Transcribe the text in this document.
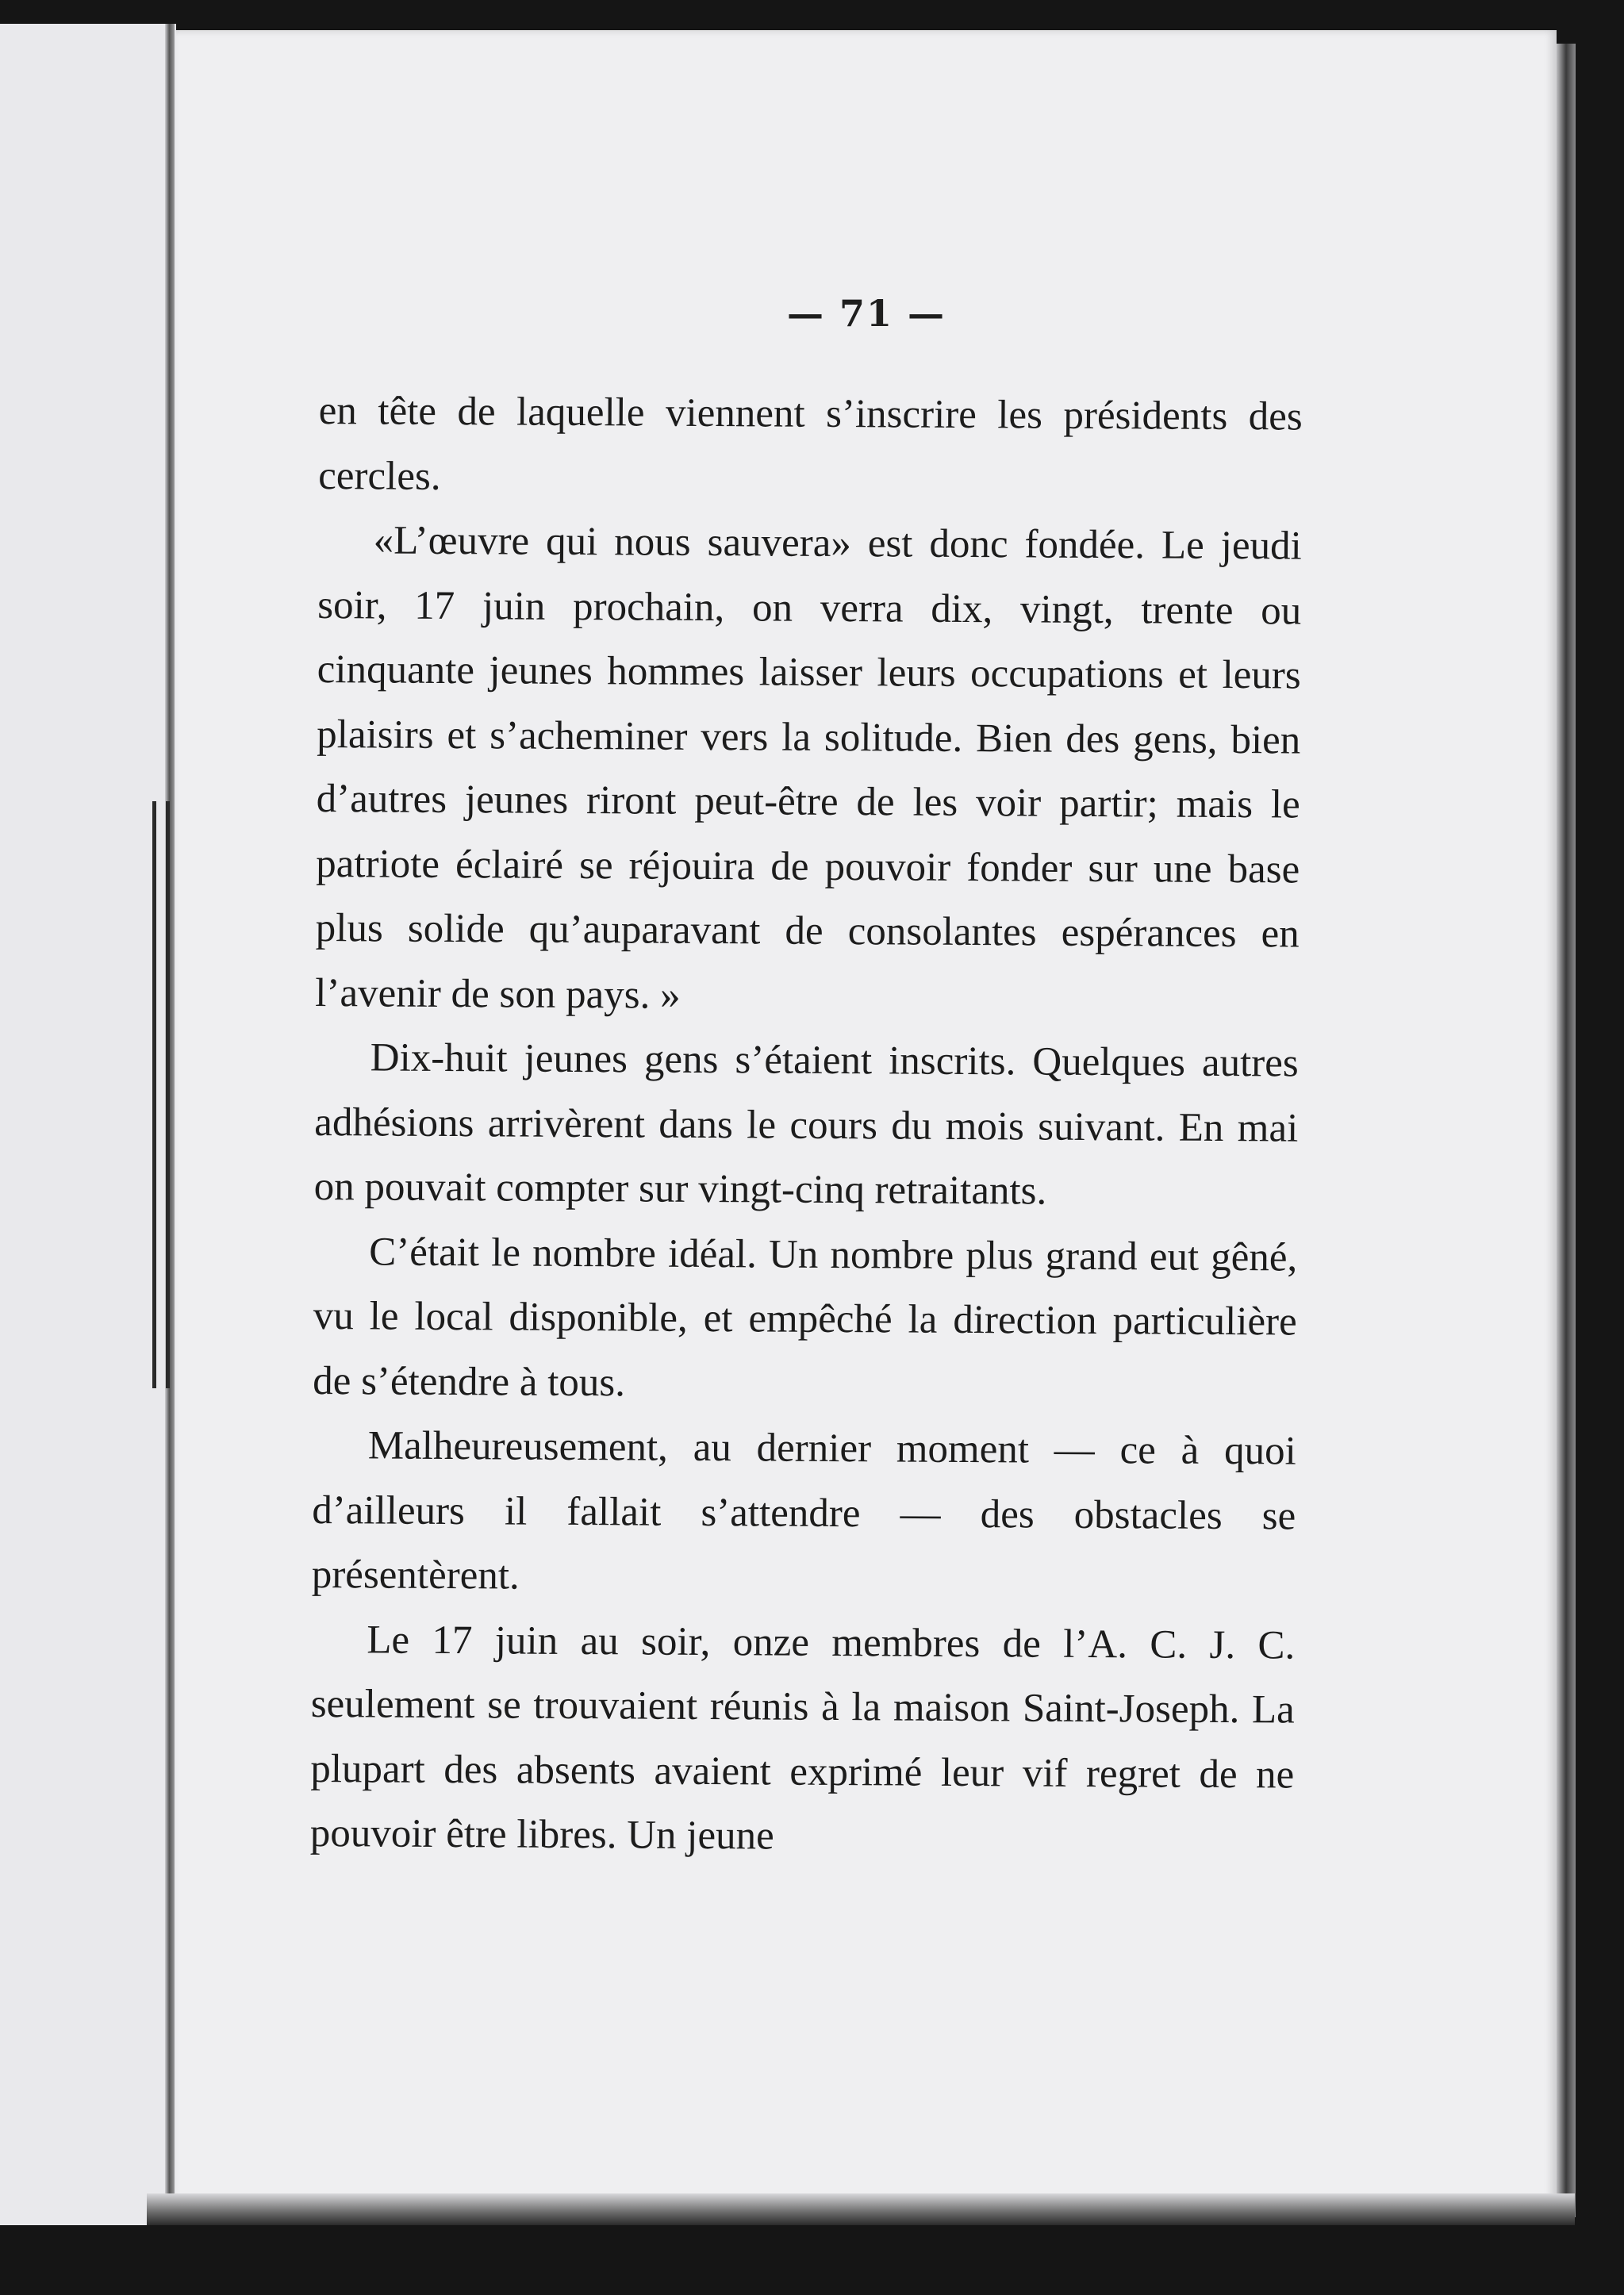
— 71 —

en tête de laquelle viennent s’inscrire les présidents des cercles.

«L’œuvre qui nous sauvera» est donc fondée. Le jeudi soir, 17 juin prochain, on verra dix, vingt, trente ou cinquante jeunes hommes laisser leurs occupations et leurs plaisirs et s’acheminer vers la solitude. Bien des gens, bien d’autres jeunes riront peut-être de les voir partir; mais le patriote éclairé se réjouira de pouvoir fonder sur une base plus solide qu’auparavant de consolantes espérances en l’avenir de son pays. »

Dix-huit jeunes gens s’étaient inscrits. Quelques autres adhésions arrivèrent dans le cours du mois suivant. En mai on pouvait compter sur vingt-cinq retraitants.

C’était le nombre idéal. Un nombre plus grand eut gêné, vu le local disponible, et empêché la direction particulière de s’étendre à tous.

Malheureusement, au dernier moment — ce à quoi d’ailleurs il fallait s’attendre — des obstacles se présentèrent.

Le 17 juin au soir, onze membres de l’A. C. J. C. seulement se trouvaient réunis à la maison Saint-Joseph. La plupart des absents avaient exprimé leur vif regret de ne pouvoir être libres. Un jeune
